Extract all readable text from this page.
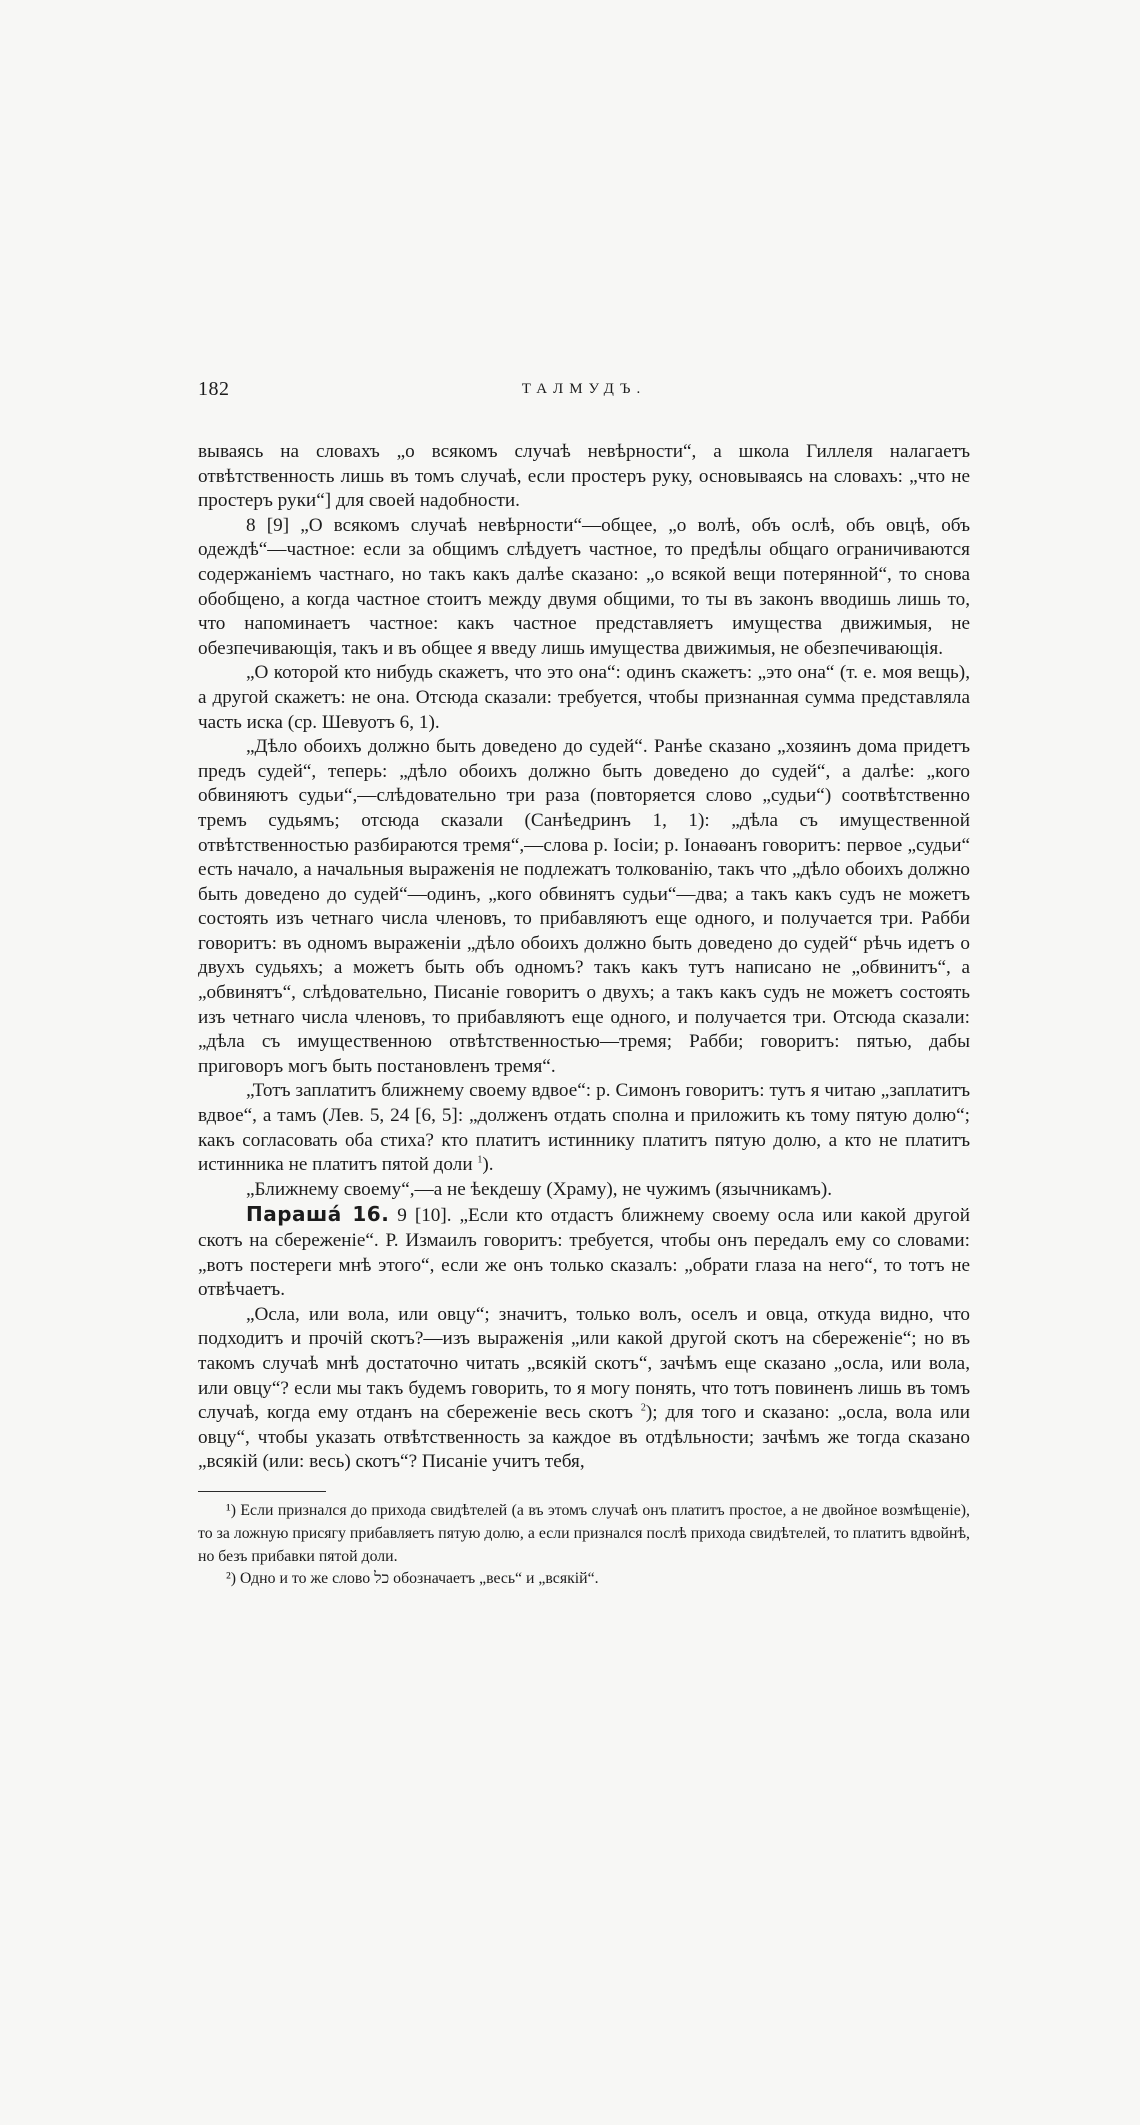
182	ТАЛМУДЪ.

вываясь на словахъ „о всякомъ случаѣ невѣрности“, а школа Гиллеля налагаетъ отвѣтственность лишь въ томъ случаѣ, если простеръ руку, основываясь на словахъ: „что не простеръ руки“] для своей надобности.

8 [9] „О всякомъ случаѣ невѣрности“—общее, „о волѣ, объ ослѣ, объ овцѣ, объ одеждѣ“—частное: если за общимъ слѣдуетъ частное, то предѣлы общаго ограничиваются содержаніемъ частнаго, но такъ какъ далѣе сказано: „о всякой вещи потерянной“, то снова обобщено, а когда частное стоитъ между двумя общими, то ты въ законъ вводишь лишь то, что напоминаетъ частное: какъ частное представляетъ имущества движимыя, не обезпечивающія, такъ и въ общее я введу лишь имущества движимыя, не обезпечивающія.

„О которой кто нибудь скажетъ, что это она“: одинъ скажетъ: „это она“ (т. е. моя вещь), а другой скажетъ: не она. Отсюда сказали: требуется, чтобы признанная сумма представляла часть иска (ср. Шевуотъ 6, 1).

„Дѣло обоихъ должно быть доведено до судей“. Ранѣе сказано „хозяинъ дома придетъ предъ судей“, теперь: „дѣло обоихъ должно быть доведено до судей“, а далѣе: „кого обвиняютъ судьи“,—слѣдовательно три раза (повторяется слово „судьи“) соотвѣтственно тремъ судьямъ; отсюда сказали (Санѣедринъ 1, 1): „дѣла съ имущественной отвѣтственностью разбираются тремя“,—слова р. Іосіи; р. Іонаѳанъ говоритъ: первое „судьи“ есть начало, а начальныя выраженія не подлежатъ толкованію, такъ что „дѣло обоихъ должно быть доведено до судей“—одинъ, „кого обвинятъ судьи“—два; а такъ какъ судъ не можетъ состоять изъ четнаго числа членовъ, то прибавляютъ еще одного, и получается три. Рабби говоритъ: въ одномъ выраженіи „дѣло обоихъ должно быть доведено до судей“ рѣчь идетъ о двухъ судьяхъ; а можетъ быть объ одномъ? такъ какъ тутъ написано не „обвинитъ“, а „обвинятъ“, слѣдовательно, Писаніе говоритъ о двухъ; а такъ какъ судъ не можетъ состоять изъ четнаго числа членовъ, то прибавляютъ еще одного, и получается три. Отсюда сказали: „дѣла съ имущественною отвѣтственностью—тремя; Рабби; говоритъ: пятью, дабы приговоръ могъ быть постановленъ тремя“.

„Тотъ заплатитъ ближнему своему вдвое“: р. Симонъ говоритъ: тутъ я читаю „заплатитъ вдвое“, а тамъ (Лев. 5, 24 [6, 5]: „долженъ отдать сполна и приложить къ тому пятую долю“; какъ согласовать оба стиха? кто платитъ истиннику платитъ пятую долю, а кто не платитъ истинника не платитъ пятой доли $^1$).

„Ближнему своему“,—а не ѣекдешу (Храму), не чужимъ (язычникамъ).

Параша́ 16. 9 [10]. „Если кто отдастъ ближнему своему осла или какой другой скотъ на сбереженіе“. Р. Измаилъ говоритъ: требуется, чтобы онъ передалъ ему со словами: „вотъ постереги мнѣ этого“, если же онъ только сказалъ: „обрати глаза на него“, то тотъ не отвѣчаетъ.

„Осла, или вола, или овцу“; значитъ, только волъ, оселъ и овца, откуда видно, что подходитъ и прочій скотъ?—изъ выраженія „или какой другой скотъ на сбереженіе“; но въ такомъ случаѣ мнѣ достаточно читать „всякій скотъ“, зачѣмъ еще сказано „осла, или вола, или овцу“? если мы такъ будемъ говорить, то я могу понять, что тотъ повиненъ лишь въ томъ случаѣ, когда ему отданъ на сбереженіе весь скотъ $^2$); для того и сказано: „осла, вола или овцу“, чтобы указать отвѣтственность за каждое въ отдѣльности; зачѣмъ же тогда сказано „всякій (или: весь) скотъ“? Писаніе учитъ тебя,

¹) Если признался до прихода свидѣтелей (а въ этомъ случаѣ онъ платитъ простое, а не двойное возмѣщеніе), то за ложную присягу прибавляетъ пятую долю, а если признался послѣ прихода свидѣтелей, то платитъ вдвойнѣ, но безъ прибавки пятой доли.

²) Одно и то же слово כל обозначаетъ „весь“ и „всякій“.
